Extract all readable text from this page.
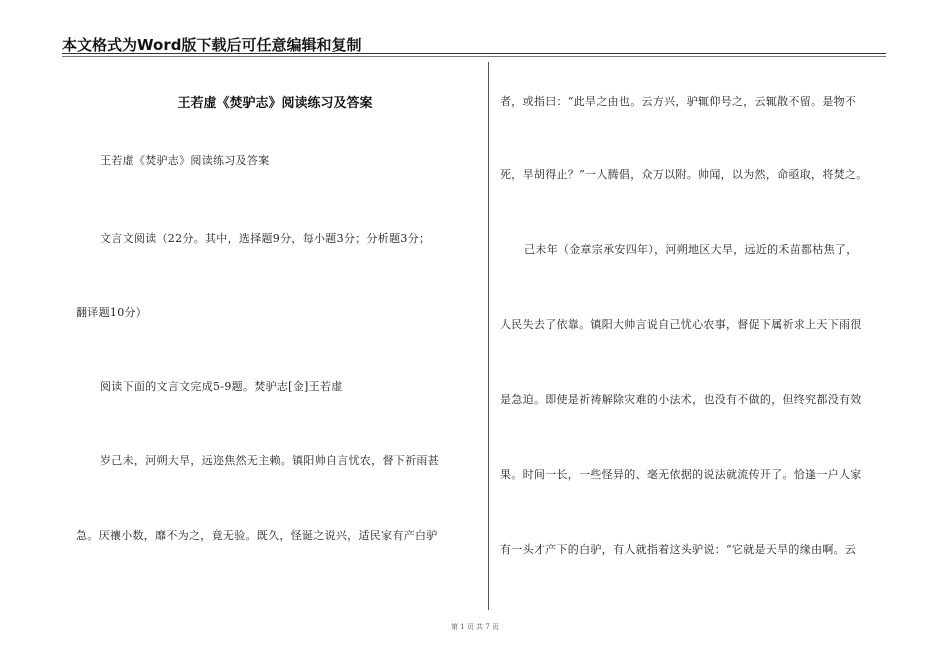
本文格式为Word版下载后可任意编辑和复制
王若虚《焚驴志》阅读练习及答案
王若虚《焚驴志》阅读练习及答案
文言文阅读（22分。其中，选择题9分，每小题3分；分析题3分；
翻译题10分）
阅读下面的文言文完成5-9题。焚驴志[金]王若虚
岁己未，河朔大旱，远迩焦然无主赖。镇阳帅自言忧农，督下祈雨甚
急。厌禳小数，靡不为之，竟无验。既久，怪诞之说兴，适民家有产白驴
者，或指曰：“此旱之由也。云方兴，驴辄仰号之，云辄散不留。是物不
死，旱胡得止？”一人腾倡，众万以附。帅闻，以为然，命亟取，将焚之。
己未年（金章宗承安四年），河朔地区大旱，远近的禾苗都枯焦了，
人民失去了依靠。镇阳大帅言说自己忧心农事，督促下属祈求上天下雨很
是急迫。即使是祈祷解除灾难的小法术，也没有不做的，但终究都没有效
果。时间一长，一些怪异的、毫无依据的说法就流传开了。恰逢一户人家
有一头才产下的白驴，有人就指着这头驴说：“它就是天旱的缘由啊。云
第 1 页 共 7 页
